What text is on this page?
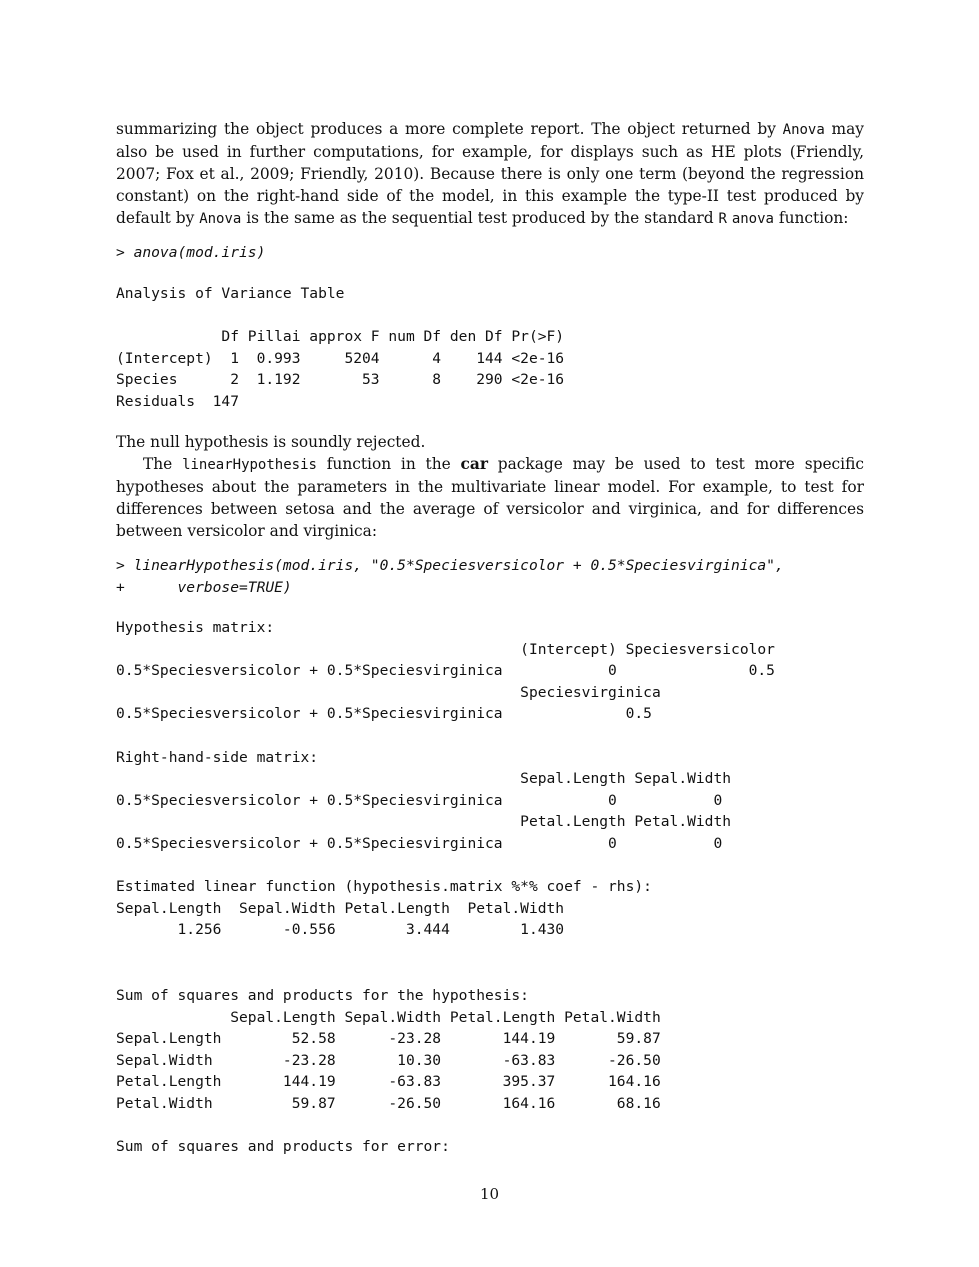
summarizing the object produces a more complete report. The object returned by Anova may also be used in further computations, for example, for displays such as HE plots (Friendly, 2007; Fox et al., 2009; Friendly, 2010). Because there is only one term (beyond the regression constant) on the right-hand side of the model, in this example the type-II test produced by default by Anova is the same as the sequential test produced by the standard R anova function:

> anova(mod.iris)
Analysis of Variance Table

Df Pillai approx F num Df den Df Pr(>F)
(Intercept)  1  0.993     5204      4    144 <2e-16
Species      2  1.192       53      8    290 <2e-16
Residuals  147

The null hypothesis is soundly rejected.

The linearHypothesis function in the car package may be used to test more specific hypotheses about the parameters in the multivariate linear model. For example, to test for differences between setosa and the average of versicolor and virginica, and for differences between versicolor and virginica:

> linearHypothesis(mod.iris, "0.5*Speciesversicolor + 0.5*Speciesvirginica",
+      verbose=TRUE)
Hypothesis matrix:
(Intercept) Speciesversicolor
0.5*Speciesversicolor + 0.5*Speciesvirginica            0               0.5
Speciesvirginica
0.5*Speciesversicolor + 0.5*Speciesvirginica              0.5

Right-hand-side matrix:
Sepal.Length Sepal.Width
0.5*Speciesversicolor + 0.5*Speciesvirginica            0           0
Petal.Length Petal.Width
0.5*Speciesversicolor + 0.5*Speciesvirginica            0           0

Estimated linear function (hypothesis.matrix %*% coef - rhs):
Sepal.Length  Sepal.Width Petal.Length  Petal.Width
1.256       -0.556        3.444        1.430
Sum of squares and products for the hypothesis:
Sepal.Length Sepal.Width Petal.Length Petal.Width
Sepal.Length        52.58      -23.28       144.19       59.87
Sepal.Width        -23.28       10.30       -63.83      -26.50
Petal.Length       144.19      -63.83       395.37      164.16
Petal.Width         59.87      -26.50       164.16       68.16

Sum of squares and products for error:
10
